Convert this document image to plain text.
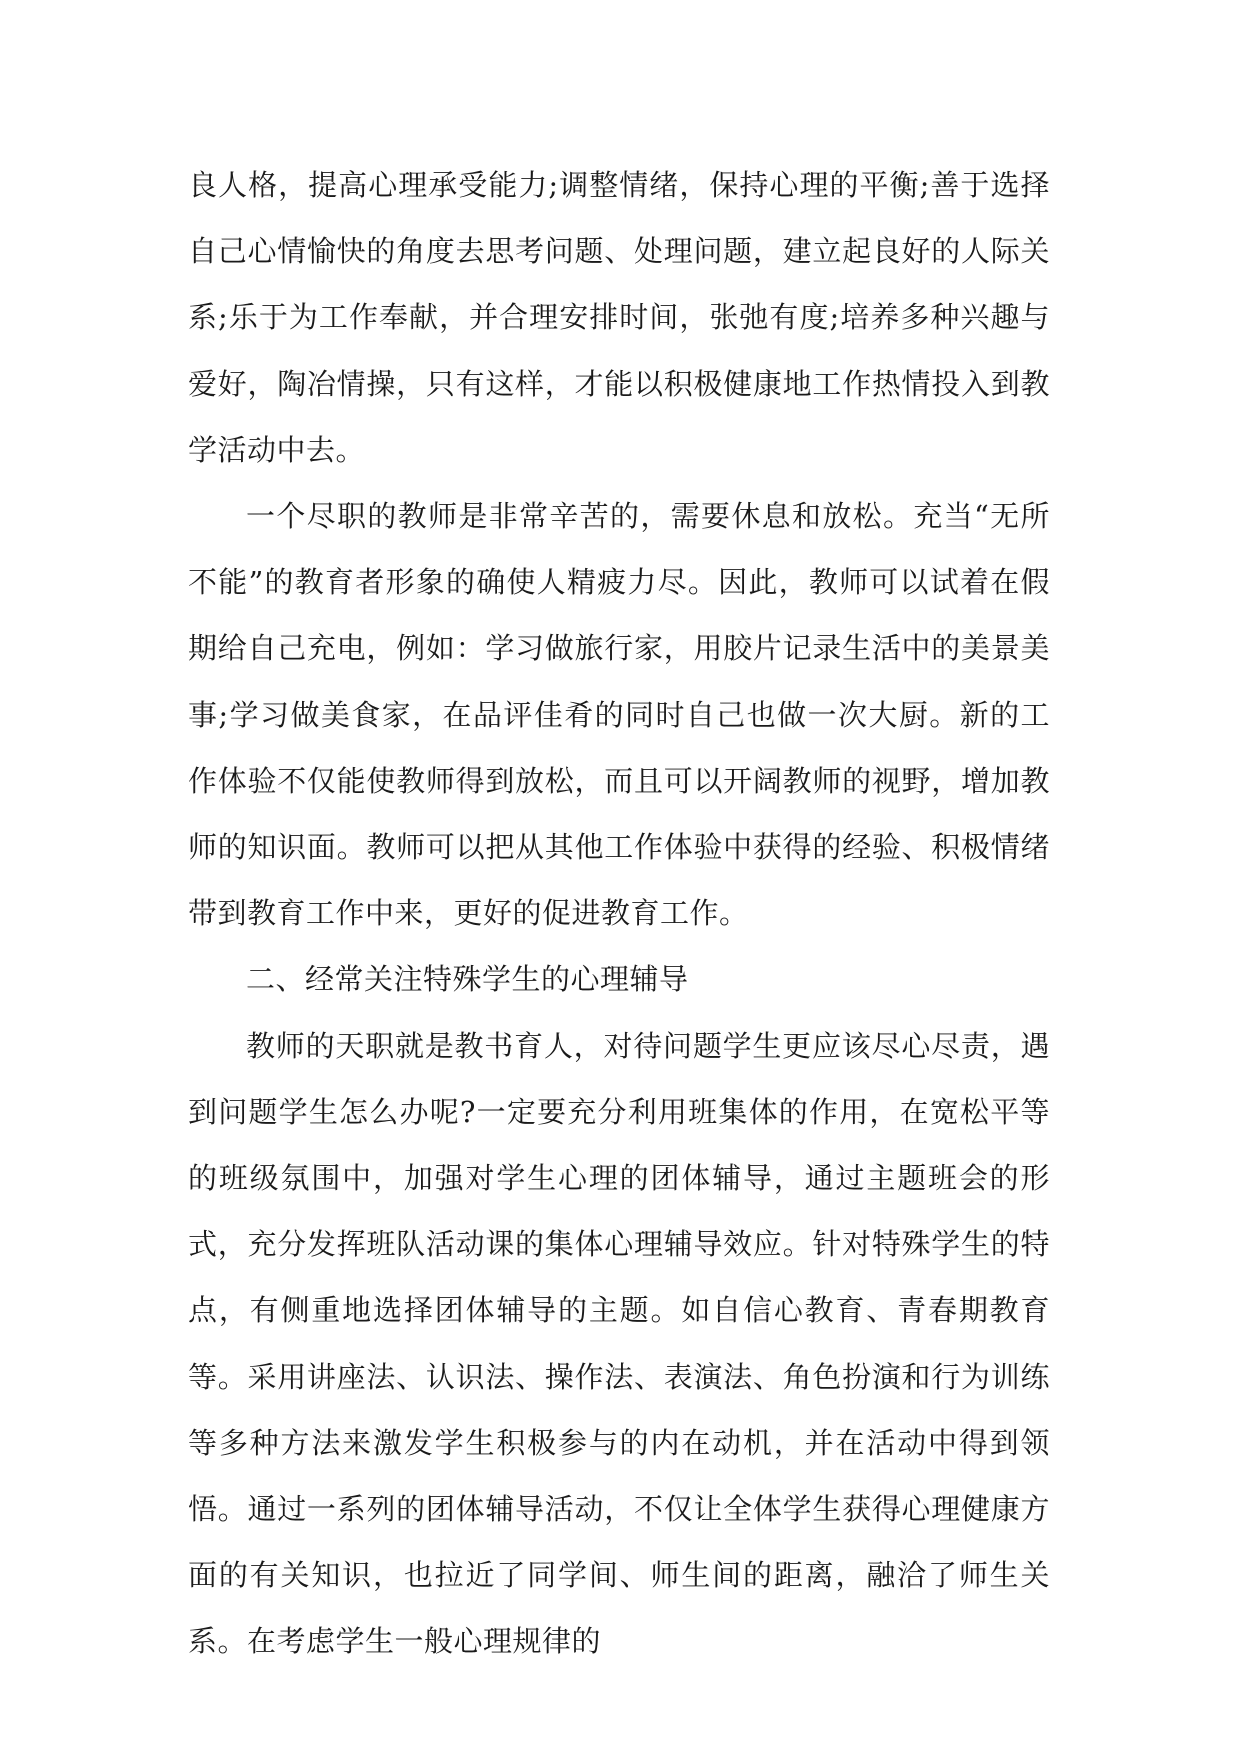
良人格，提高心理承受能力;调整情绪，保持心理的平衡;善于选择自己心情愉快的角度去思考问题、处理问题，建立起良好的人际关系;乐于为工作奉献，并合理安排时间，张弛有度;培养多种兴趣与爱好，陶冶情操，只有这样，才能以积极健康地工作热情投入到教学活动中去。

一个尽职的教师是非常辛苦的，需要休息和放松。充当“无所不能”的教育者形象的确使人精疲力尽。因此，教师可以试着在假期给自己充电，例如：学习做旅行家，用胶片记录生活中的美景美事;学习做美食家，在品评佳肴的同时自己也做一次大厨。新的工作体验不仅能使教师得到放松，而且可以开阔教师的视野，增加教师的知识面。教师可以把从其他工作体验中获得的经验、积极情绪带到教育工作中来，更好的促进教育工作。

二、经常关注特殊学生的心理辅导

教师的天职就是教书育人，对待问题学生更应该尽心尽责，遇到问题学生怎么办呢?一定要充分利用班集体的作用，在宽松平等的班级氛围中，加强对学生心理的团体辅导，通过主题班会的形式，充分发挥班队活动课的集体心理辅导效应。针对特殊学生的特点，有侧重地选择团体辅导的主题。如自信心教育、青春期教育等。采用讲座法、认识法、操作法、表演法、角色扮演和行为训练等多种方法来激发学生积极参与的内在动机，并在活动中得到领悟。通过一系列的团体辅导活动，不仅让全体学生获得心理健康方面的有关知识，也拉近了同学间、师生间的距离，融洽了师生关系。在考虑学生一般心理规律的
